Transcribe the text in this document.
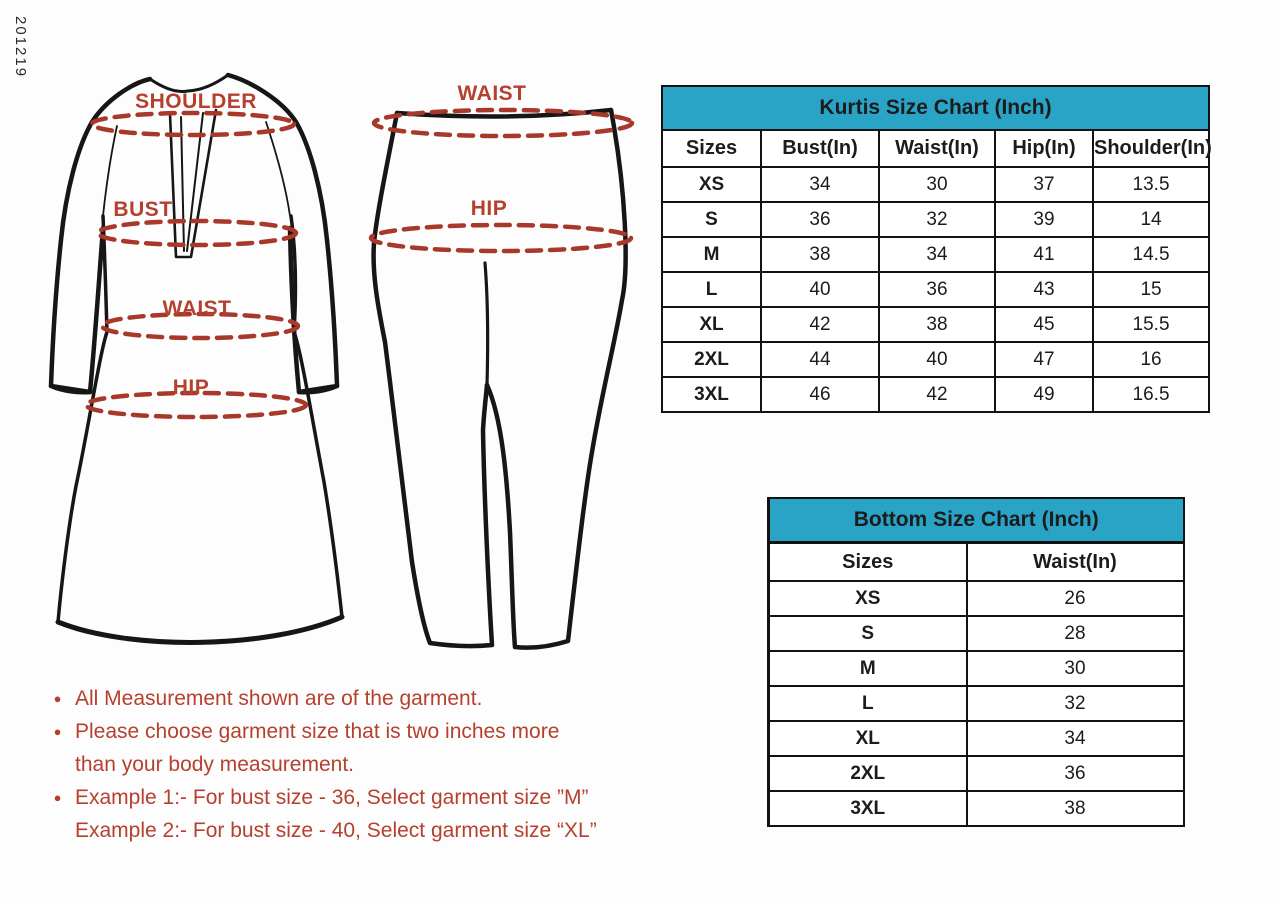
201219
SHOULDER
BUST
WAIST
HIP
WAIST
HIP
Kurtis Size Chart (Inch)				
Sizes	Bust(In)	Waist(In)	Hip(In)	Shoulder(In)
XS	34	30	37	13.5
S	36	32	39	14
M	38	34	41	14.5
L	40	36	43	15
XL	42	38	45	15.5
2XL	44	40	47	16
3XL	46	42	49	16.5
Bottom Size Chart (Inch)	
Sizes	Waist(In)
XS	26
S	28
M	30
L	32
XL	34
2XL	36
3XL	38
● All Measurement shown are of the garment.
● Please choose garment size that is two inches more
than your body measurement.
● Example 1:- For bust size - 36, Select garment size ”M”
Example 2:- For bust size - 40, Select garment size “XL”
